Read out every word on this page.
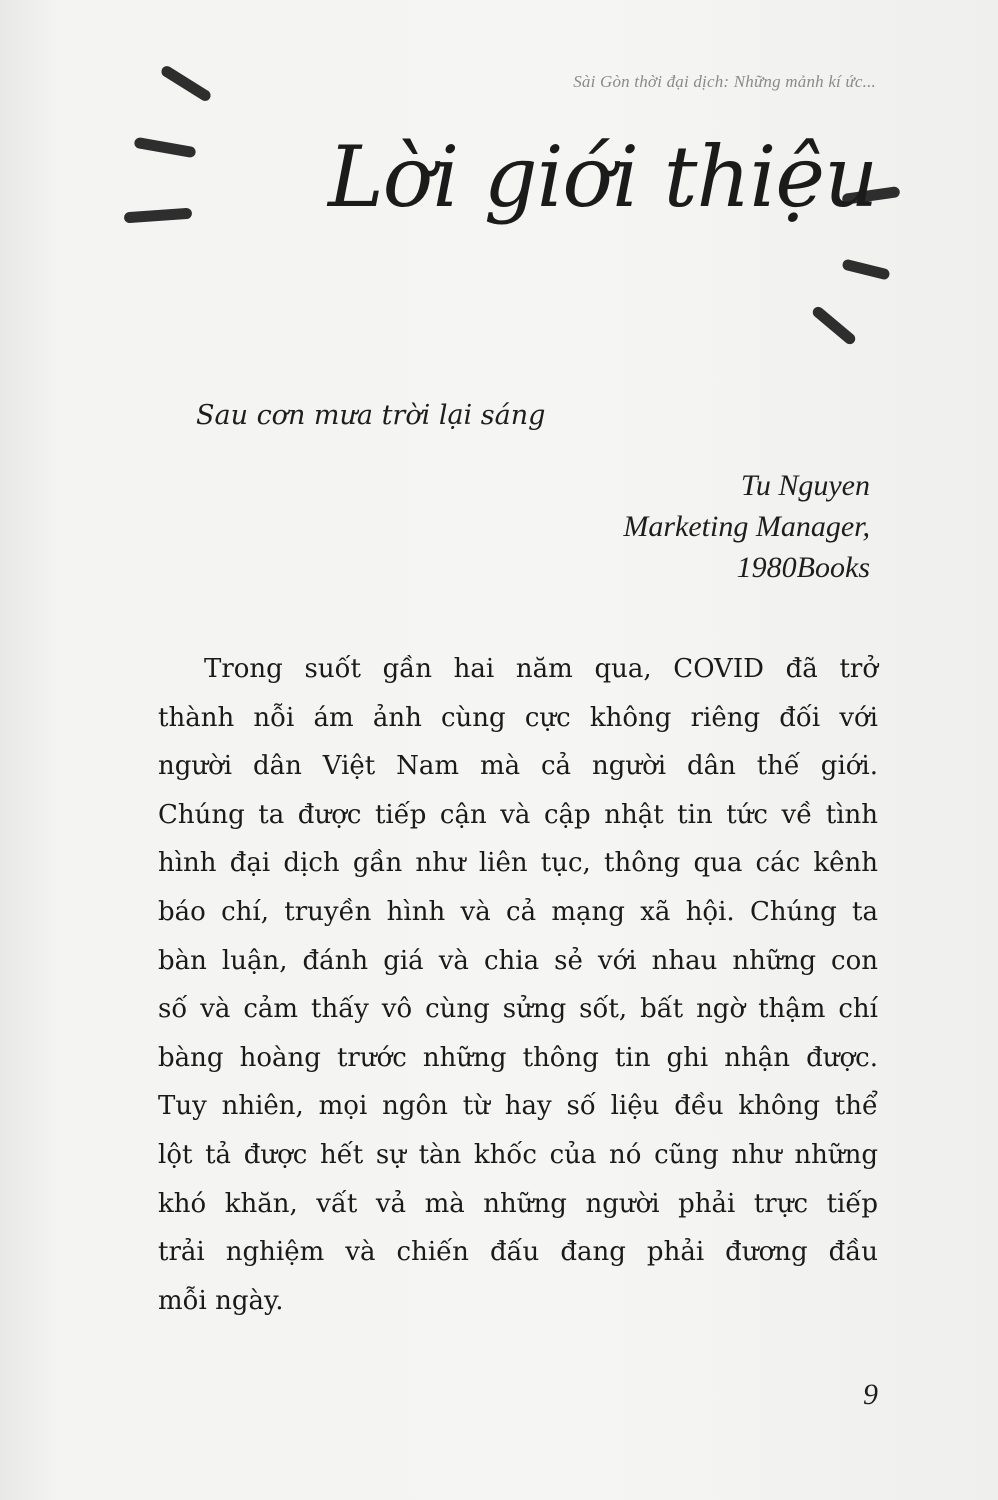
Sài Gòn thời đại dịch: Những mảnh kí ức...
Lời giới thiệu
Sau cơn mưa trời lại sáng
Tu Nguyen
Marketing Manager,
1980Books
Trong suốt gần hai năm qua, COVID đã trở
thành nỗi ám ảnh cùng cực không riêng đối với
người dân Việt Nam mà cả người dân thế giới.
Chúng ta được tiếp cận và cập nhật tin tức về tình
hình đại dịch gần như liên tục, thông qua các kênh
báo chí, truyền hình và cả mạng xã hội. Chúng ta
bàn luận, đánh giá và chia sẻ với nhau những con
số và cảm thấy vô cùng sửng sốt, bất ngờ thậm chí
bàng hoàng trước những thông tin ghi nhận được.
Tuy nhiên, mọi ngôn từ hay số liệu đều không thể
lột tả được hết sự tàn khốc của nó cũng như những
khó khăn, vất vả mà những người phải trực tiếp
trải nghiệm và chiến đấu đang phải đương đầu
mỗi ngày.
9
